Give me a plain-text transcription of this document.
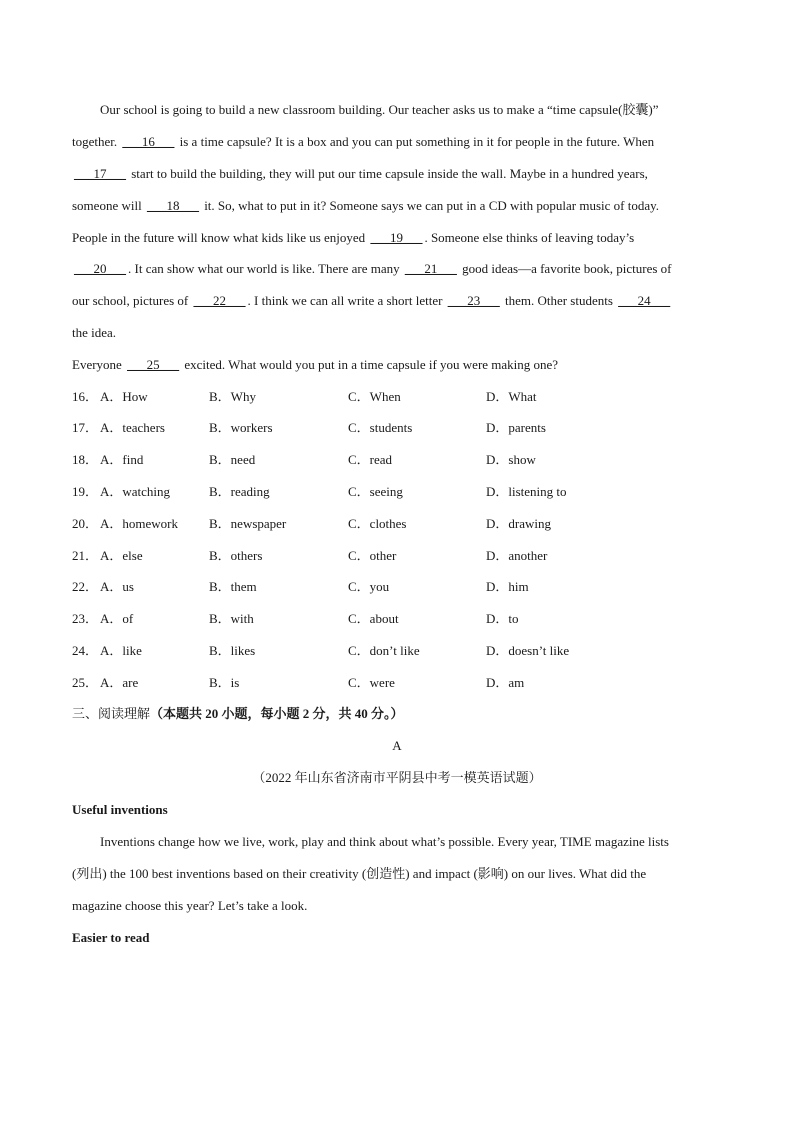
Our school is going to build a new classroom building. Our teacher asks us to make a “time capsule(胶囊)”
together. ___16___ is a time capsule? It is a box and you can put something in it for people in the future. When
___17___ start to build the building, they will put our time capsule inside the wall. Maybe in a hundred years,
someone will ___18___ it. So, what to put in it? Someone says we can put in a CD with popular music of today.
People in the future will know what kids like us enjoyed ___19___ . Someone else thinks of leaving today’s
___20___ . It can show what our world is like. There are many ___21___ good ideas—a favorite book, pictures of
our school, pictures of ___22___ . I think we can all write a short letter ___23___ them. Other students ___24___
the idea.
Everyone ___25___ excited. What would you put in a time capsule if you were making one?
16． A．How	B．Why	C．When	D．What
17． A．teachers	B．workers	C．students	D．parents
18． A．find	B．need	C．read	D．show
19． A．watching	B．reading	C．seeing	D．listening to
20． A．homework B．newspaper	C．clothes	D．drawing
21． A．else	B．others	C．other	D．another
22． A．us	B．them	C．you	D．him
23． A．of	B．with	C．about	D．to
24． A．like	B．likes	C．don’t like	D．doesn’t like
25． A．are	B．is	C．were	D．am
三、阅读理解（本题共 20 小题，每小题 2 分，共 40 分。）
A
（2022 年山东省济南市平阴县中考一模英语试题）
Useful inventions
Inventions change how we live, work, play and think about what’s possible. Every year, TIME magazine lists
(列出) the 100 best inventions based on their creativity (创造性) and impact (影响) on our lives. What did the
magazine choose this year? Let’s take a look.
Easier to read
